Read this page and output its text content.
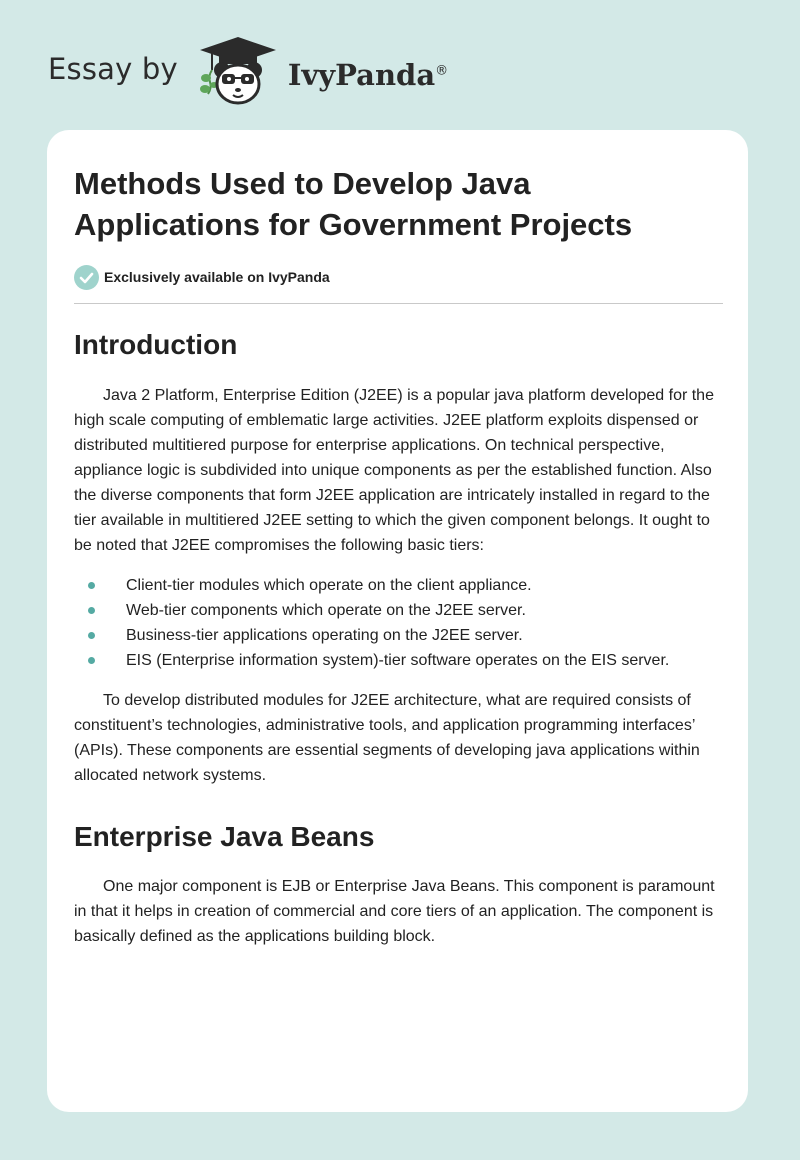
Essay by	IvyPanda®
Methods Used to Develop Java Applications for Government Projects
Exclusively available on IvyPanda
Introduction

Java 2 Platform, Enterprise Edition (J2EE) is a popular java platform developed for the high scale computing of emblematic large activities. J2EE platform exploits dispensed or distributed multitiered purpose for enterprise applications. On technical perspective, appliance logic is subdivided into unique components as per the established function. Also the diverse components that form J2EE application are intricately installed in regard to the tier available in multitiered J2EE setting to which the given component belongs. It ought to be noted that J2EE compromises the following basic tiers:

Client-tier modules which operate on the client appliance.
Web-tier components which operate on the J2EE server.
Business-tier applications operating on the J2EE server.
EIS (Enterprise information system)-tier software operates on the EIS server.

To develop distributed modules for J2EE architecture, what are required consists of constituent’s technologies, administrative tools, and application programming interfaces’ (APIs). These components are essential segments of developing java applications within allocated network systems.

Enterprise Java Beans

One major component is EJB or Enterprise Java Beans. This component is paramount in that it helps in creation of commercial and core tiers of an application. The component is basically defined as the applications building block.
